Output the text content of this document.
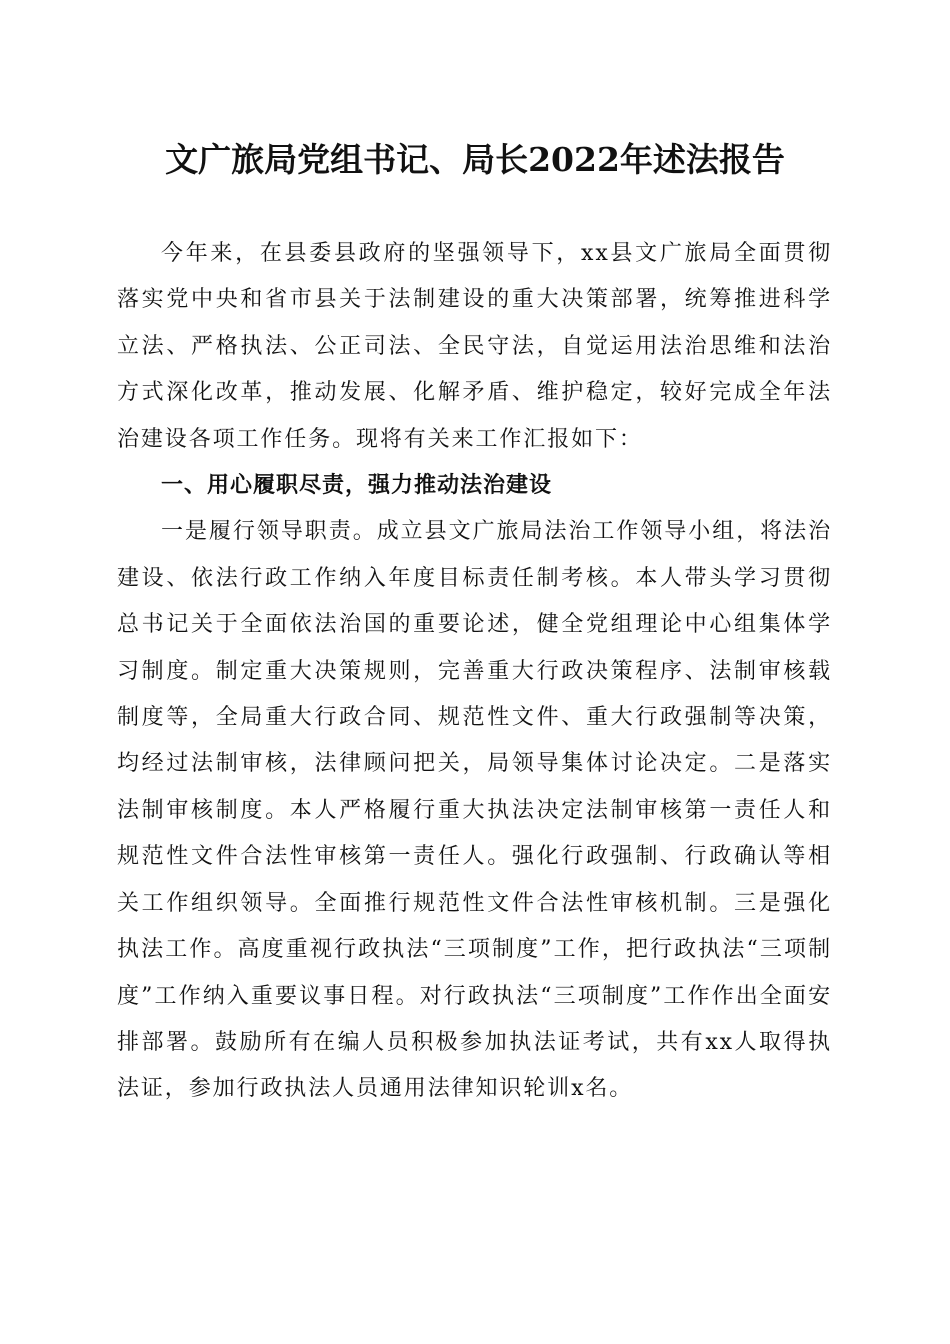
文广旅局党组书记、局长2022年述法报告

今年来，在县委县政府的坚强领导下，xx县文广旅局全面贯彻落实党中央和省市县关于法制建设的重大决策部署，统筹推进科学立法、严格执法、公正司法、全民守法，自觉运用法治思维和法治方式深化改革，推动发展、化解矛盾、维护稳定，较好完成全年法治建设各项工作任务。现将有关来工作汇报如下：

一、用心履职尽责，强力推动法治建设

一是履行领导职责。成立县文广旅局法治工作领导小组，将法治建设、依法行政工作纳入年度目标责任制考核。本人带头学习贯彻总书记关于全面依法治国的重要论述，健全党组理论中心组集体学习制度。制定重大决策规则，完善重大行政决策程序、法制审核载制度等，全局重大行政合同、规范性文件、重大行政强制等决策，均经过法制审核，法律顾问把关，局领导集体讨论决定。二是落实法制审核制度。本人严格履行重大执法决定法制审核第一责任人和规范性文件合法性审核第一责任人。强化行政强制、行政确认等相关工作组织领导。全面推行规范性文件合法性审核机制。三是强化执法工作。高度重视行政执法“三项制度”工作，把行政执法“三项制度”工作纳入重要议事日程。对行政执法“三项制度”工作作出全面安排部署。鼓励所有在编人员积极参加执法证考试，共有xx人取得执法证，参加行政执法人员通用法律知识轮训x名。
